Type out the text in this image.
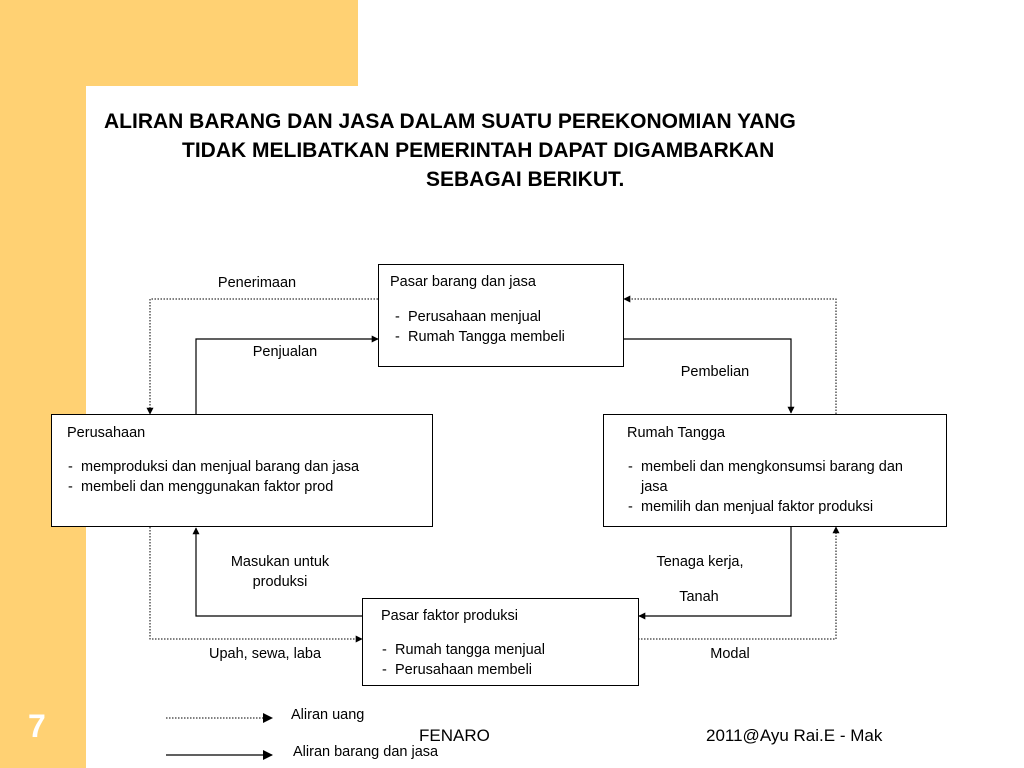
ALIRAN BARANG DAN JASA DALAM SUATU PEREKONOMIAN YANG
TIDAK MELIBATKAN PEMERINTAH DAPAT DIGAMBARKAN
SEBAGAI BERIKUT.
Pasar barang dan jasa
- Perusahaan menjual
- Rumah Tangga membeli
Perusahaan
- memproduksi dan menjual barang dan jasa
- membeli dan menggunakan faktor prod
Rumah Tangga
- membeli dan mengkonsumsi barang dan jasa
- memilih dan menjual faktor produksi
Pasar faktor produksi
- Rumah tangga menjual
- Perusahaan membeli
Penerimaan
Penjualan
Pembelian
Masukan untuk
produksi
Tenaga kerja,
Tanah
Upah, sewa, laba	Modal
Aliran uang
Aliran barang dan jasa
7	FENARO	2011@Ayu Rai.E - Mak
